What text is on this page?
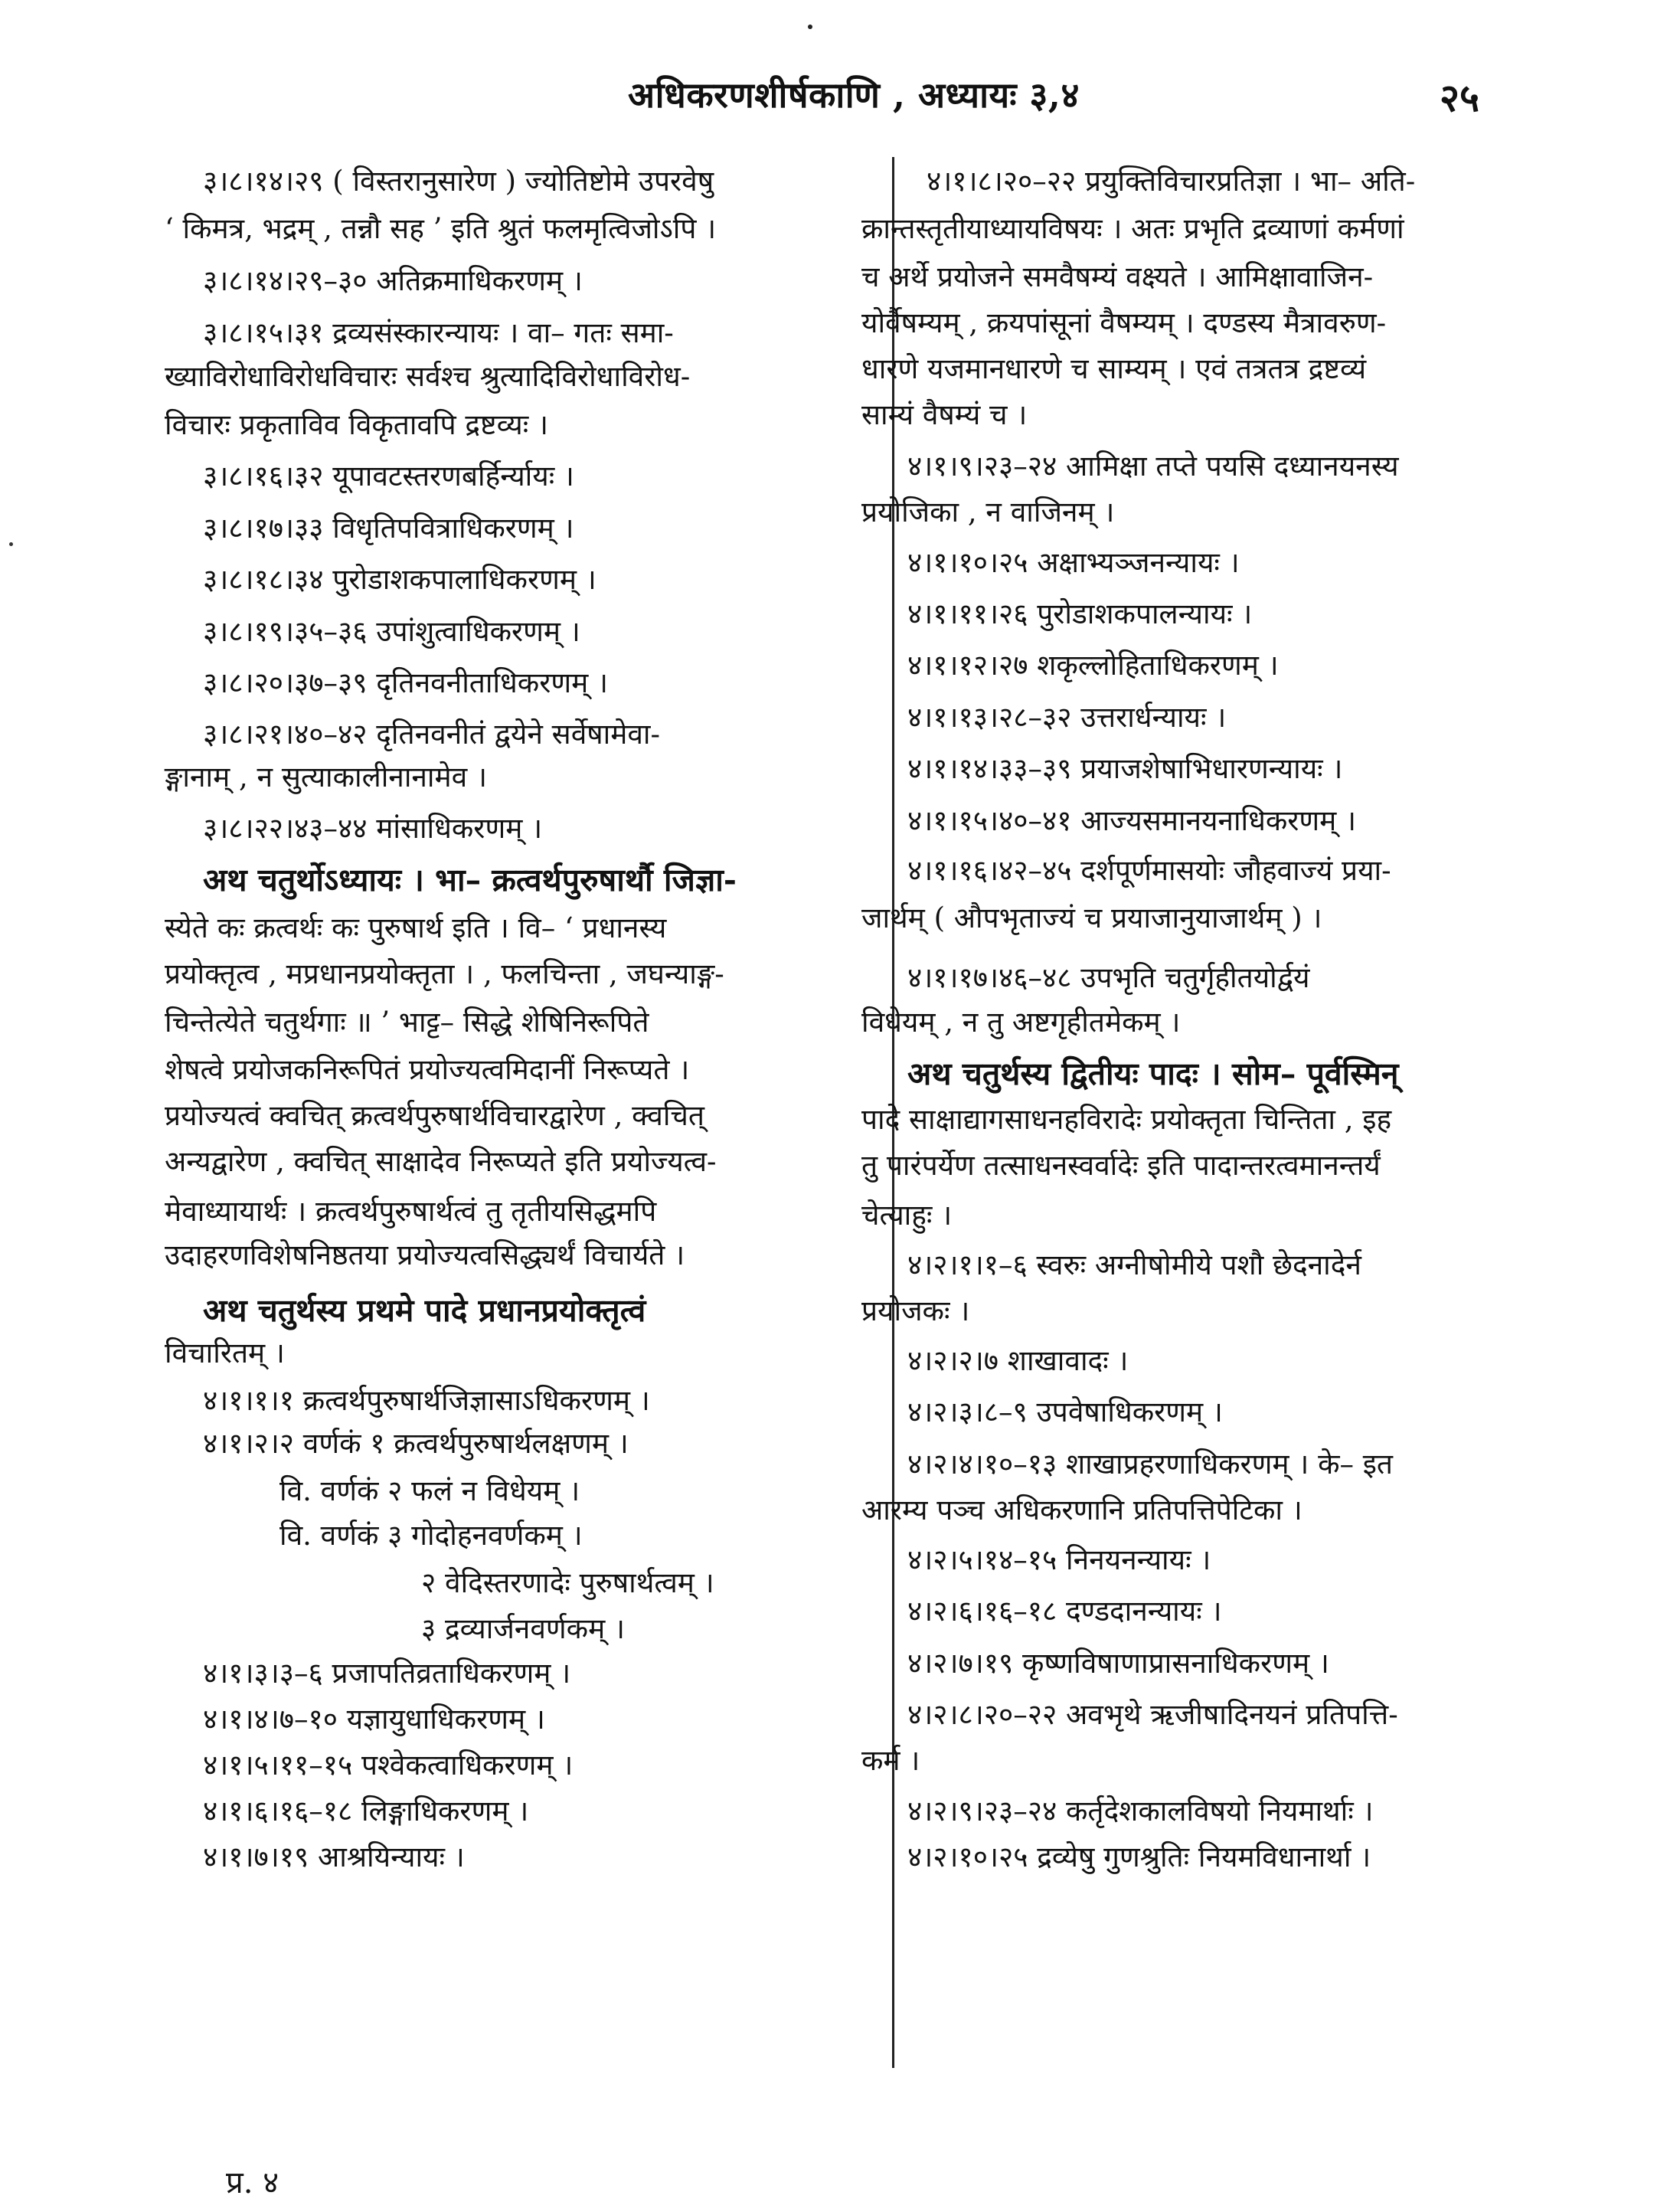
अधिकरणशीर्षकाणि , अध्यायः ३,४	२५
३।८।१४।२९ ( विस्तरानुसारेण ) ज्योतिष्टोमे उपरवेषु
‘ किमत्र, भद्रम् , तन्नौ सह ’ इति श्रुतं फलमृत्विजोऽपि ।
३।८।१४।२९–३० अतिक्रमाधिकरणम् ।
३।८।१५।३१ द्रव्यसंस्कारन्यायः । वा– गतः समा-
ख्याविरोधाविरोधविचारः सर्वश्च श्रुत्यादिविरोधाविरोध-
विचारः प्रकृताविव विकृतावपि द्रष्टव्यः ।
३।८।१६।३२ यूपावटस्तरणबर्हिर्न्यायः ।
३।८।१७।३३ विधृतिपवित्राधिकरणम् ।
३।८।१८।३४ पुरोडाशकपालाधिकरणम् ।
३।८।१९।३५–३६ उपांशुत्वाधिकरणम् ।
३।८।२०।३७–३९ दृतिनवनीताधिकरणम् ।
३।८।२१।४०–४२ दृतिनवनीतं द्वयेने सर्वेषामेवा-
ङ्गानाम् , न सुत्याकालीनानामेव ।
३।८।२२।४३–४४ मांसाधिकरणम् ।
अथ चतुर्थोऽध्यायः । भा– क्रत्वर्थपुरुषार्थौ जिज्ञा-
स्येते कः क्रत्वर्थः कः पुरुषार्थ इति । वि– ‘ प्रधानस्य
प्रयोक्तृत्व , मप्रधानप्रयोक्तृता । , फलचिन्ता , जघन्याङ्ग-
चिन्तेत्येते चतुर्थगाः ॥ ’ भाट्ट– सिद्धे शेषिनिरूपिते
शेषत्वे प्रयोजकनिरूपितं प्रयोज्यत्वमिदानीं निरूप्यते ।
प्रयोज्यत्वं क्वचित् क्रत्वर्थपुरुषार्थविचारद्वारेण , क्वचित्
अन्यद्वारेण , क्वचित् साक्षादेव निरूप्यते इति प्रयोज्यत्व-
मेवाध्यायार्थः । क्रत्वर्थपुरुषार्थत्वं तु तृतीयसिद्धमपि
उदाहरणविशेषनिष्ठतया प्रयोज्यत्वसिद्ध्यर्थं विचार्यते ।
अथ चतुर्थस्य प्रथमे पादे प्रधानप्रयोक्तृत्वं
विचारितम् ।
४।१।१।१ क्रत्वर्थपुरुषार्थजिज्ञासाऽधिकरणम् ।
४।१।२।२ वर्णकं १ क्रत्वर्थपुरुषार्थलक्षणम् ।
वि. वर्णकं २ फलं न विधेयम् ।
वि. वर्णकं ३ गोदोहनवर्णकम् ।
२ वेदिस्तरणादेः पुरुषार्थत्वम् ।
३ द्रव्यार्जनवर्णकम् ।
४।१।३।३–६ प्रजापतिव्रताधिकरणम् ।
४।१।४।७–१० यज्ञायुधाधिकरणम् ।
४।१।५।११–१५ पश्वेकत्वाधिकरणम् ।
४।१।६।१६–१८ लिङ्गाधिकरणम् ।
४।१।७।१९ आश्रयिन्यायः ।
४।१।८।२०–२२ प्रयुक्तिविचारप्रतिज्ञा । भा– अति-
क्रान्तस्तृतीयाध्यायविषयः । अतः प्रभृति द्रव्याणां कर्मणां
च अर्थे प्रयोजने समवैषम्यं वक्ष्यते । आमिक्षावाजिन-
योर्वैषम्यम् , क्रयपांसूनां वैषम्यम् । दण्डस्य मैत्रावरुण-
धारणे यजमानधारणे च साम्यम् । एवं तत्रतत्र द्रष्टव्यं
साम्यं वैषम्यं च ।
४।१।९।२३–२४ आमिक्षा तप्ते पयसि दध्यानयनस्य
प्रयोजिका , न वाजिनम् ।
४।१।१०।२५ अक्षाभ्यञ्जनन्यायः ।
४।१।११।२६ पुरोडाशकपालन्यायः ।
४।१।१२।२७ शकृल्लोहिताधिकरणम् ।
४।१।१३।२८–३२ उत्तरार्धन्यायः ।
४।१।१४।३३–३९ प्रयाजशेषाभिधारणन्यायः ।
४।१।१५।४०–४१ आज्यसमानयनाधिकरणम् ।
४।१।१६।४२–४५ दर्शपूर्णमासयोः जौहवाज्यं प्रया-
जार्थम् ( औपभृताज्यं च प्रयाजानुयाजार्थम् ) ।
४।१।१७।४६–४८ उपभृति चतुर्गृहीतयोर्द्वयं
विधेयम् , न तु अष्टगृहीतमेकम् ।
अथ चतुर्थस्य द्वितीयः पादः । सोम– पूर्वस्मिन्
पादे साक्षाद्यागसाधनहविरादेः प्रयोक्तृता चिन्तिता , इह
तु पारंपर्येण तत्साधनस्वर्वादेः इति पादान्तरत्वमानन्तर्यं
चेत्याहुः ।
४।२।१।१–६ स्वरुः अग्नीषोमीये पशौ छेदनादेर्न
प्रयोजकः ।
४।२।२।७ शाखावादः ।
४।२।३।८–९ उपवेषाधिकरणम् ।
४।२।४।१०–१३ शाखाप्रहरणाधिकरणम् । के– इत
आरम्य पञ्च अधिकरणानि प्रतिपत्तिपेटिका ।
४।२।५।१४–१५ निनयनन्यायः ।
४।२।६।१६–१८ दण्डदानन्यायः ।
४।२।७।१९ कृष्णविषाणाप्रासनाधिकरणम् ।
४।२।८।२०–२२ अवभृथे ऋजीषादिनयनं प्रतिपत्ति-
कर्म ।
४।२।९।२३–२४ कर्तृदेशकालविषयो नियमार्थाः ।
४।२।१०।२५ द्रव्येषु गुणश्रुतिः नियमविधानार्था ।
प्र. ४
